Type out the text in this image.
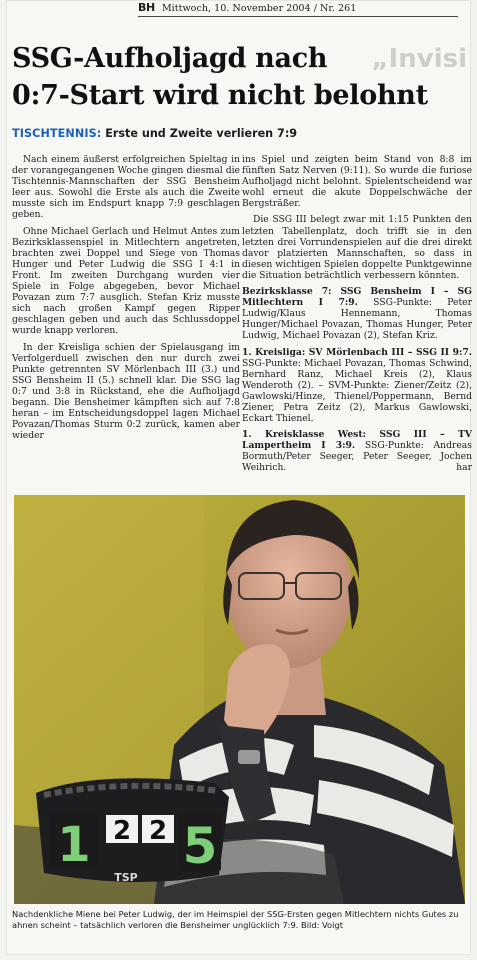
BH Mittwoch, 10. November 2004 / Nr. 261
„Invisi
SSG-Aufholjagd nach
0:7-Start wird nicht belohnt
TISCHTENNIS: Erste und Zweite verlieren 7:9

Nach einem äußerst erfolgreichen Spieltag in der vorangegangenen Woche gingen diesmal die Tischtennis-Mannschaften der SSG Bensheim leer aus. Sowohl die Erste als auch die Zweite musste sich im Endspurt knapp 7:9 geschlagen geben.

Ohne Michael Gerlach und Helmut Antes zum Bezirksklassenspiel in Mitlechtern angetreten, brachten zwei Doppel und Siege von Thomas Hunger und Peter Ludwig die SSG I 4:1 in Front. Im zweiten Durchgang wurden vier Spiele in Folge abgegeben, bevor Michael Povazan zum 7:7 ausglich. Stefan Kriz musste sich nach großen Kampf gegen Ripper geschlagen geben und auch das Schlussdoppel wurde knapp verloren.

In der Kreisliga schien der Spielausgang im Verfolgerduell zwischen den nur durch zwei Punkte getrennten SV Mörlenbach III (3.) und SSG Bensheim II (5.) schnell klar. Die SSG lag 0:7 und 3:8 in Rückstand, ehe die Aufholjagd begann. Die Bensheimer kämpften sich auf 7:8 heran – im Entscheidungsdoppel lagen Michael Povazan/Thomas Sturm 0:2 zurück, kamen aber wieder

ins Spiel und zeigten beim Stand von 8:8 im fünften Satz Nerven (9:11). So wurde die furiose Aufholjagd nicht belohnt. Spielentscheidend war wohl erneut die akute Doppelschwäche der Bergsträßer.

Die SSG III belegt zwar mit 1:15 Punkten den letzten Tabellenplatz, doch trifft sie in den letzten drei Vorrundenspielen auf die drei direkt davor platzierten Mannschaften, so dass in diesen wichtigen Spielen doppelte Punktgewinne die Situation beträchtlich verbessern könnten.

Bezirksklasse 7: SSG Bensheim I – SG Mitlechtern I 7:9. SSG-Punkte: Peter Ludwig/Klaus Hennemann, Thomas Hunger/Michael Povazan, Thomas Hunger, Peter Ludwig, Michael Povazan (2), Stefan Kriz.

1. Kreisliga: SV Mörlenbach III – SSG II 9:7. SSG-Punkte: Michael Povazan, Thomas Schwind, Bernhard Ranz, Michael Kreis (2), Klaus Wenderoth (2). – SVM-Punkte: Ziener/Zeitz (2), Gawlowski/Hinze, Thienel/Poppermann, Bernd Ziener, Petra Zeitz (2), Markus Gawlowski, Eckart Thienel.

1. Kreisklasse West: SSG III – TV Lampertheim I 3:9. SSG-Punkte: Andreas Bormuth/Peter Seeger, Peter Seeger, Jochen Weihrich.	har

1 2 2 5
TSP
Nachdenkliche Miene bei Peter Ludwig, der im Heimspiel der SSG-Ersten gegen Mitlechtern nichts Gutes zu ahnen scheint – tatsächlich verloren die Bensheimer unglücklich 7:9. Bild: Voigt
